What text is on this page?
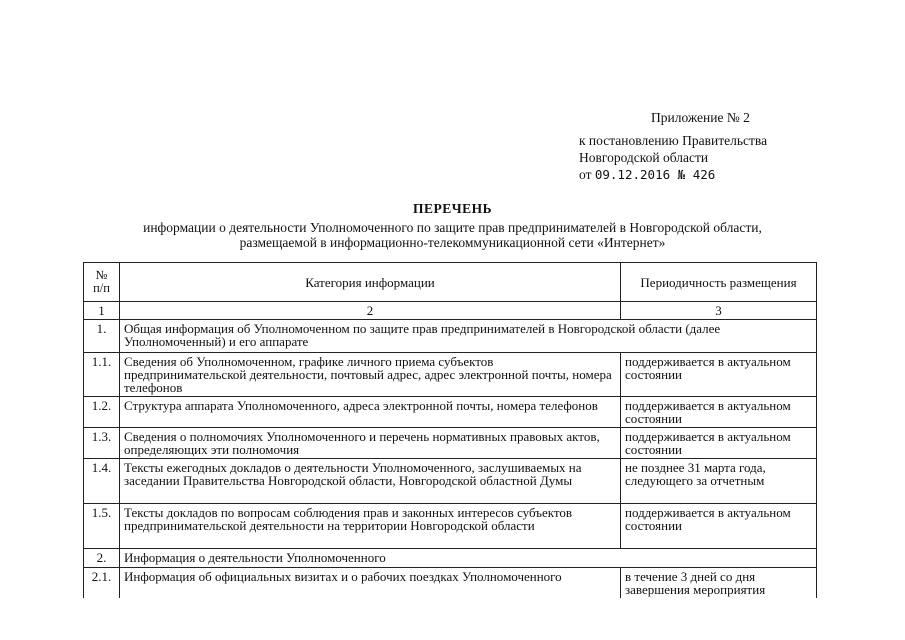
Приложение № 2
к постановлению Правительства
Новгородской области
от 09.12.2016 № 426
ПЕРЕЧЕНЬ
информации о деятельности Уполномоченного по защите прав предпринимателей в Новгородской области,
размещаемой в информационно-телекоммуникационной сети «Интернет»
№
п/п	Категория информации	Периодичность размещения
1	2	3
1.	Общая информация об Уполномоченном по защите прав предпринимателей в Новгородской области (далее Уполномоченный) и его аппарате	
1.1.	Сведения об Уполномоченном, графике личного приема субъектов предпринимательской деятельности, почтовый адрес, адрес электронной почты, номера телефонов	поддерживается в актуальном состоянии
1.2.	Структура аппарата Уполномоченного, адреса электронной почты, номера телефонов	поддерживается в актуальном состоянии
1.3.	Сведения о полномочиях Уполномоченного и перечень нормативных правовых актов, определяющих эти полномочия	поддерживается в актуальном состоянии
1.4.	Тексты ежегодных докладов о деятельности Уполномоченного, заслушиваемых на заседании Правительства Новгородской области, Новгородской областной Думы	не позднее 31 марта года, следующего за отчетным
1.5.	Тексты докладов по вопросам соблюдения прав и законных интересов субъектов предпринимательской деятельности на территории Новгородской области	поддерживается в актуальном состоянии
2.	Информация о деятельности Уполномоченного	
2.1.	Информация об официальных визитах и о рабочих поездках Уполномоченного	в течение 3 дней со дня завершения мероприятия
